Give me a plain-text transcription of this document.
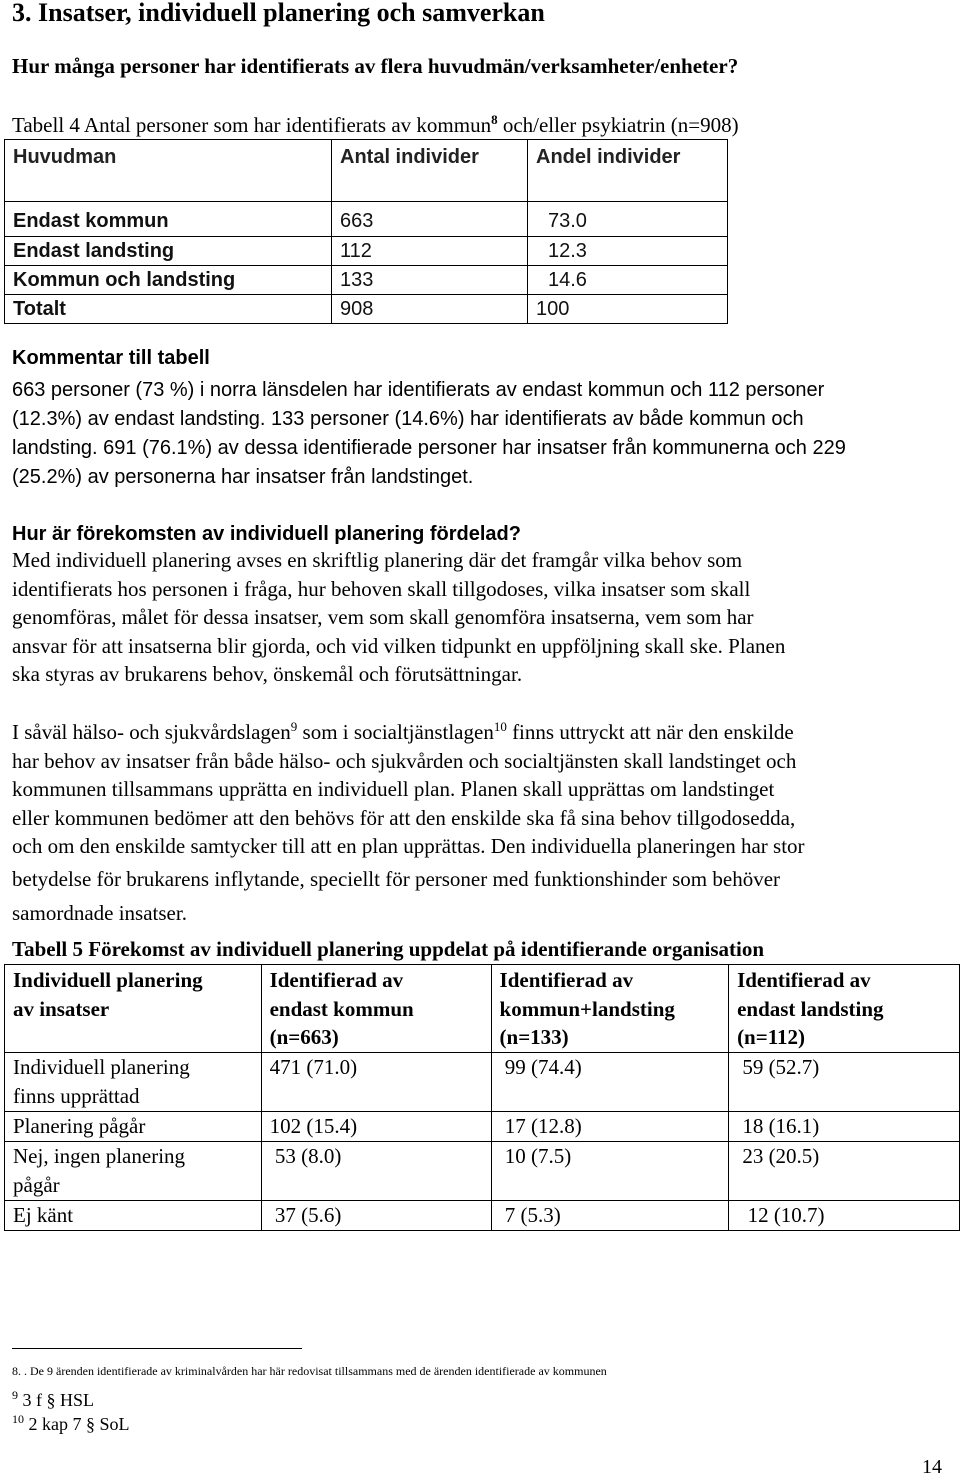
3. Insatser, individuell planering och samverkan
Hur många personer har identifierats av flera huvudmän/verksamheter/enheter?
Tabell 4 Antal personer som har identifierats av kommun$^8$ och/eller psykiatrin (n=908)
Huvudman	Antal individer	Andel individer
Endast kommun	663	73.0
Endast landsting	112	12.3
Kommun och landsting	133	14.6
Totalt	908	100
Kommentar till tabell
663 personer (73 %) i norra länsdelen har identifierats av endast kommun och 112 personer
(12.3%) av endast landsting. 133 personer (14.6%) har identifierats av både kommun och
landsting. 691 (76.1%) av dessa identifierade personer har insatser från kommunerna och 229
(25.2%) av personerna har insatser från landstinget.
Hur är förekomsten av individuell planering fördelad?
Med individuell planering avses en skriftlig planering där det framgår vilka behov som
identifierats hos personen i fråga, hur behoven skall tillgodoses, vilka insatser som skall
genomföras, målet för dessa insatser, vem som skall genomföra insatserna, vem som har
ansvar för att insatserna blir gjorda, och vid vilken tidpunkt en uppföljning skall ske. Planen
ska styras av brukarens behov, önskemål och förutsättningar.
I såväl hälso- och sjukvårdslagen$^9$ som i socialtjänstlagen$^{10}$ finns uttryckt att när den enskilde
har behov av insatser från både hälso- och sjukvården och socialtjänsten skall landstinget och
kommunen tillsammans upprätta en individuell plan. Planen skall upprättas om landstinget
eller kommunen bedömer att den behövs för att den enskilde ska få sina behov tillgodosedda,
och om den enskilde samtycker till att en plan upprättas. Den individuella planeringen har stor
betydelse för brukarens inflytande, speciellt för personer med funktionshinder som behöver
samordnade insatser.
Tabell 5 Förekomst av individuell planering uppdelat på identifierande organisation
Individuell planering
av insatser	Identifierad av
endast kommun
(n=663)	Identifierad av
kommun+landsting
(n=133)	Identifierad av
endast landsting
(n=112)
Individuell planering
finns upprättad	471 (71.0)	99 (74.4)	59 (52.7)
Planering pågår	102 (15.4)	17 (12.8)	18 (16.1)
Nej, ingen planering
pågår	53 (8.0)	10 (7.5)	23 (20.5)
Ej känt	37 (5.6)	7 (5.3)	12 (10.7)
8. . De 9 ärenden identifierade av kriminalvården har här redovisat tillsammans med de ärenden identifierade av kommunen
$^9$ 3 f § HSL
$^{10}$ 2 kap 7 § SoL
14
